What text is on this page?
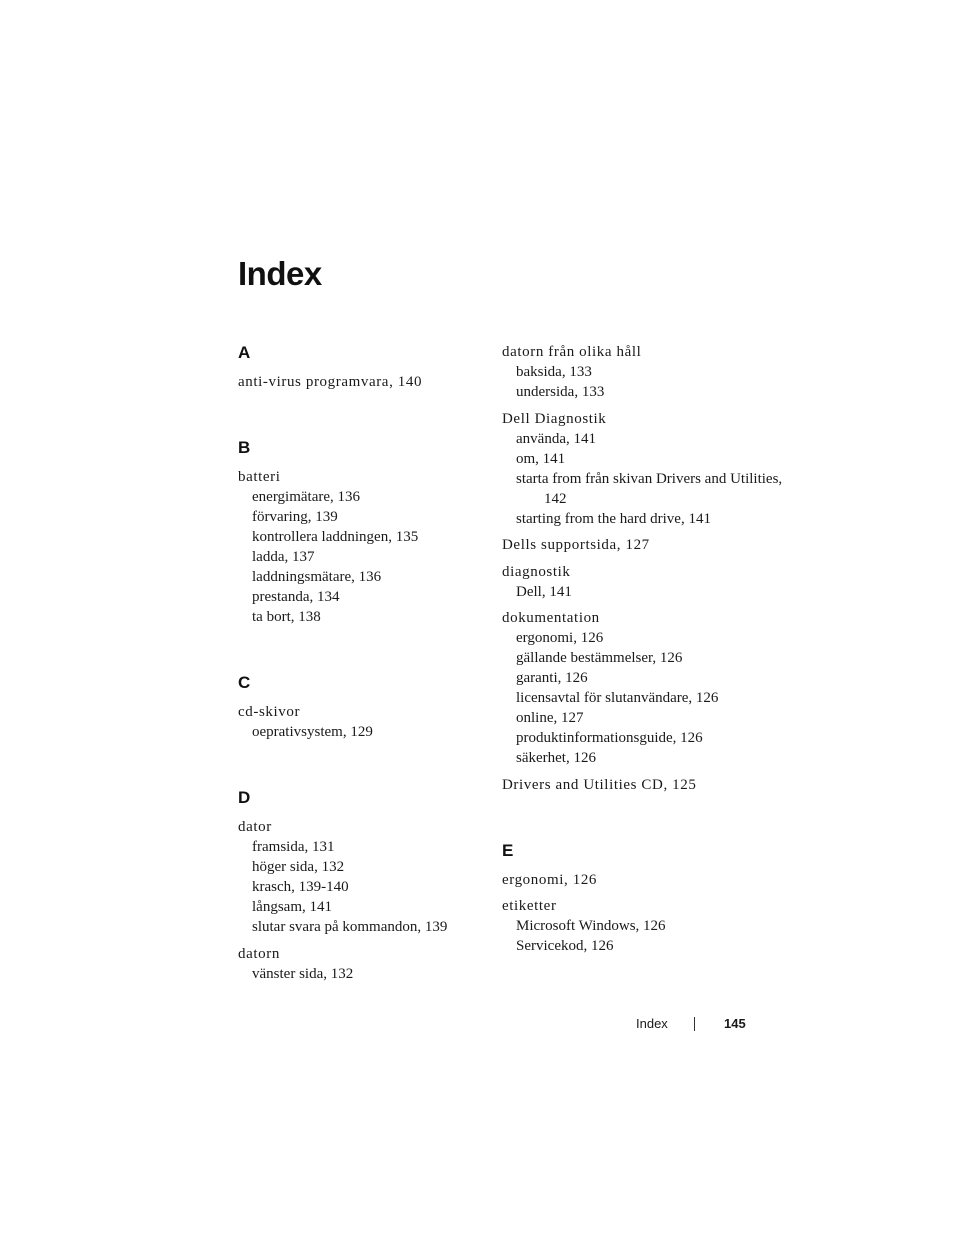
Index
A
anti-virus programvara, 140
B
batteri
energimätare, 136
förvaring, 139
kontrollera laddningen, 135
ladda, 137
laddningsmätare, 136
prestanda, 134
ta bort, 138
C
cd-skivor
oeprativsystem, 129
D
dator
framsida, 131
höger sida, 132
krasch, 139-140
långsam, 141
slutar svara på kommandon, 139
datorn
vänster sida, 132
datorn från olika håll
baksida, 133
undersida, 133
Dell Diagnostik
använda, 141
om, 141
starta from från skivan Drivers and Utilities, 142
starting from the hard drive, 141
Dells supportsida, 127
diagnostik
Dell, 141
dokumentation
ergonomi, 126
gällande bestämmelser, 126
garanti, 126
licensavtal för slutanvändare, 126
online, 127
produktinformationsguide, 126
säkerhet, 126
Drivers and Utilities CD, 125
E
ergonomi, 126
etiketter
Microsoft Windows, 126
Servicekod, 126
Index	145
